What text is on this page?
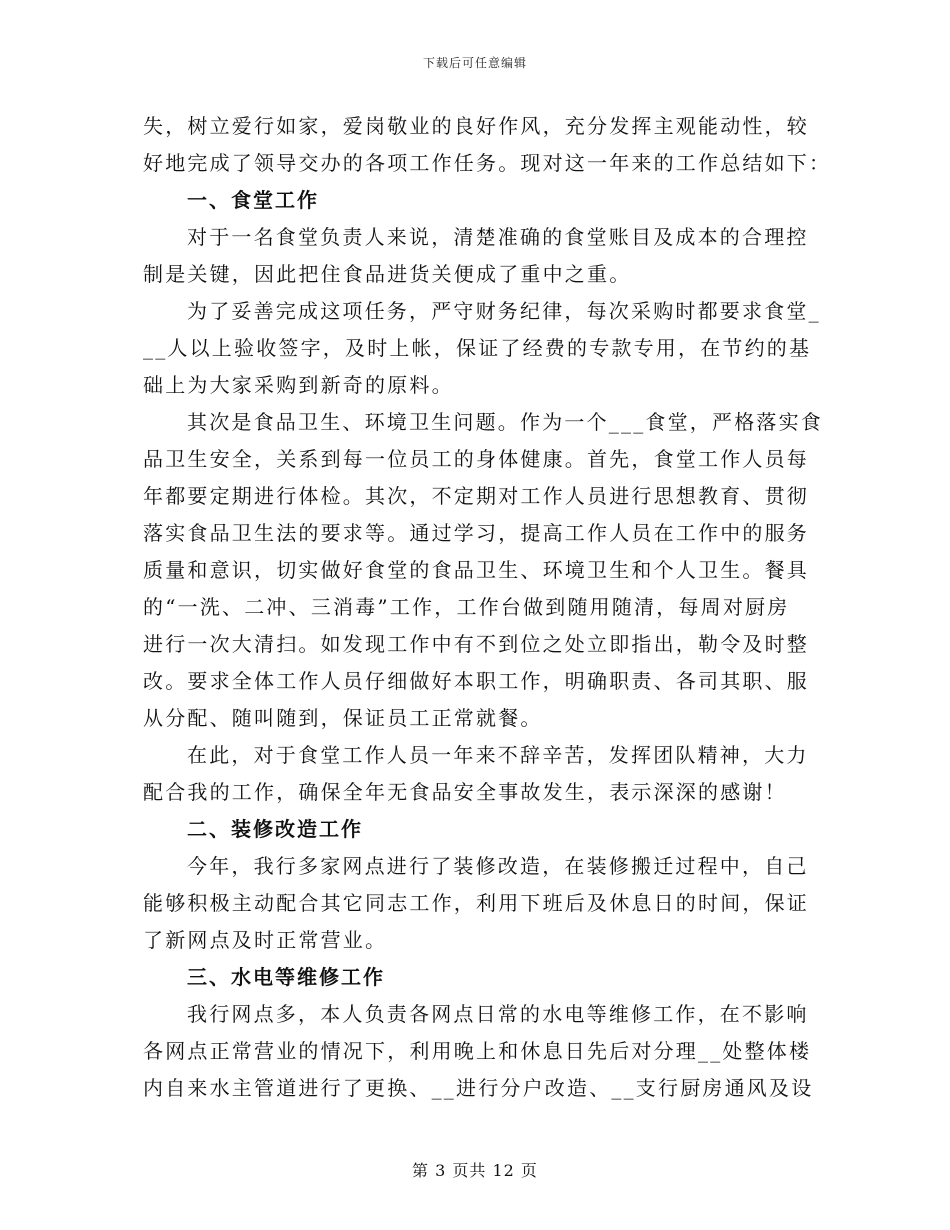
下载后可任意编辑
失，树立爱行如家，爱岗敬业的良好作风，充分发挥主观能动性，较
好地完成了领导交办的各项工作任务。现对这一年来的工作总结如下：
一、食堂工作
对于一名食堂负责人来说，清楚准确的食堂账目及成本的合理控
制是关键，因此把住食品进货关便成了重中之重。
为了妥善完成这项任务，严守财务纪律，每次采购时都要求食堂_
__人以上验收签字，及时上帐，保证了经费的专款专用，在节约的基
础上为大家采购到新奇的原料。
其次是食品卫生、环境卫生问题。作为一个___食堂，严格落实食
品卫生安全，关系到每一位员工的身体健康。首先，食堂工作人员每
年都要定期进行体检。其次，不定期对工作人员进行思想教育、贯彻
落实食品卫生法的要求等。通过学习，提高工作人员在工作中的服务
质量和意识，切实做好食堂的食品卫生、环境卫生和个人卫生。餐具
的“一洗、二冲、三消毒”工作，工作台做到随用随清，每周对厨房
进行一次大清扫。如发现工作中有不到位之处立即指出，勒令及时整
改。要求全体工作人员仔细做好本职工作，明确职责、各司其职、服
从分配、随叫随到，保证员工正常就餐。
在此，对于食堂工作人员一年来不辞辛苦，发挥团队精神，大力
配合我的工作，确保全年无食品安全事故发生，表示深深的感谢！
二、装修改造工作
今年，我行多家网点进行了装修改造，在装修搬迁过程中，自己
能够积极主动配合其它同志工作，利用下班后及休息日的时间，保证
了新网点及时正常营业。
三、水电等维修工作
我行网点多，本人负责各网点日常的水电等维修工作，在不影响
各网点正常营业的情况下，利用晚上和休息日先后对分理__处整体楼
内自来水主管道进行了更换、__进行分户改造、__支行厨房通风及设
第 3 页共 12 页
